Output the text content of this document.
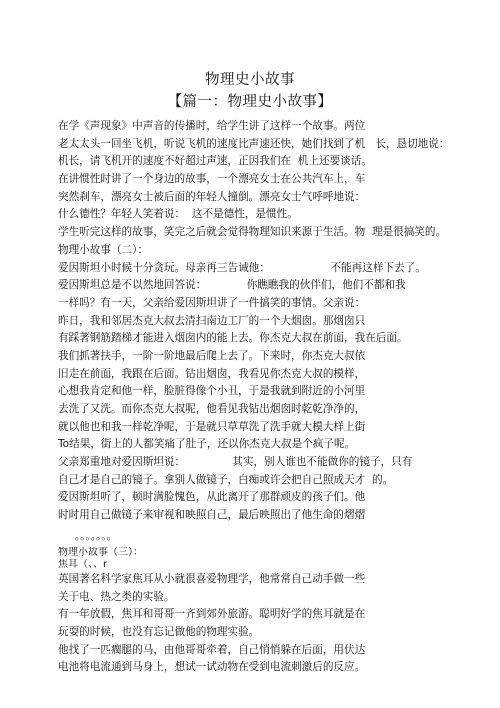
物理史小故事
【篇一：物理史小故事】
在学《声现象》中声音的传播时，给学生讲了这样一个故事。两位
老太太头一回坐飞机，听说飞机的速度比声速还快，她们找到了机   长，恳切地说：
机长，请飞机开的速度不好超过声速，正因我们在  机上还要谈话。
在讲惯性时讲了一个身边的故事，一个漂亮女士在公共汽车上，车
突然刹车，漂亮女士被后面的年轻人撞倒。漂亮女士气呼呼地说：
什么德性？年轻人笑着说：  这不是德性，是惯性。
学生听完这样的故事，笑完之后就会觉得物理知识来源于生活。物  理是很搞笑的。
物理小故事（二）：
爱因斯坦小时候十分贪玩。母亲再三告诫他：                  不能再这样下去了。
爱因斯坦总是不以然地回答说：            你瞧瞧我的伙伴们，他们不都和我
一样吗？有一天，父亲给爱因斯坦讲了一件搞笑的事情。父亲说：
昨日，我和邻居杰克大叔去清扫南边工厂的一个大烟囱。那烟囱只
有踩著钢筋踏梯才能进入烟囱内的能上去。你杰克大叔在前面，我在后面。
我们抓著扶手，一阶一阶地最后爬上去了。下来时，你杰克大叔依
旧走在前面，我跟在后面。钻出烟囱，我看见你杰克大叔的模样，
心想我肯定和他一样，脸脏得像个小丑，于是我就到附近的小河里
去洗了又洗。而你杰克大叔呢，他看见我钻出烟囱时乾乾净净的，
就以他也和我一样乾净呢，于是就只草草洗了洗手就大模大样上街
To结果，街上的人都笑痛了肚子，还以你杰克大叔是个疯子呢。
父亲郑重地对爱因斯坦说：              其实，别人谁也不能做你的镜子，只有
自己才是自己的镜子。拿别人做镜子，白痴或许会把自己照成天才  的。
爱因斯坦听了，顿时满脸愧色，从此离开了那群顽皮的孩子们。他
时时用自己做镜子来审视和映照自己，最后映照出了他生命的熠熠
。。。。。。。
物理小故事（三）：
焦耳（、、r
英国著名科学家焦耳从小就很喜爱物理学，他常常自己动手做一些
关于电、热之类的实验。
有一年放假，焦耳和哥哥一齐到郊外旅游。聪明好学的焦耳就是在
玩耍的时候，也没有忘记做他的物理实验。
他找了一匹瘸腿的马，由他哥哥牵着，自己悄悄躲在后面，用伏达
电池将电流通到马身上，想试一试动物在受到电流刺激后的反应。
